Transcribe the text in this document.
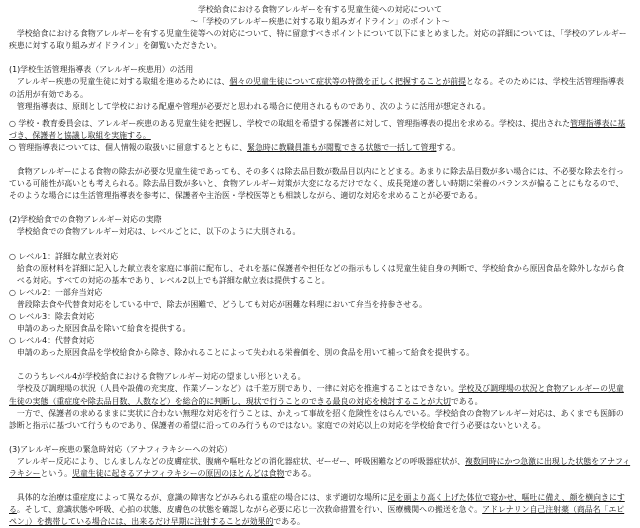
学校給食における食物アレルギーを有する児童生徒への対応について

～「学校のアレルギー疾患に対する取り組みガイドライン」のポイント～

学校給食における食物アレルギーを有する児童生徒等への対応について、特に留意すべきポイントについて以下にまとめました。対応の詳細については、「学校のアレルギー疾患に対する取り組みガイドライン」を御覧いただきたい。

(1)学校生活管理指導表（アレルギー疾患用）の活用

アレルギー疾患の児童生徒に対する取組を進めるためには、個々の児童生徒について症状等の特徴を正しく把握することが前提となる。そのためには、学校生活管理指導表の活用が有効である。

管理指導表は、原則として学校における配慮や管理が必要だと思われる場合に使用されるものであり、次のように活用が想定される。

○ 学校・教育委員会は、アレルギー疾患のある児童生徒を把握し、学校での取組を希望する保護者に対して、管理指導表の提出を求める。学校は、提出された管理指導表に基づき、保護者と協議し取組を実施する。

○ 管理指導表については、個人情報の取扱いに留意するとともに、緊急時に教職員誰もが閲覧できる状態で一括して管理する。

食物アレルギーによる食物の除去が必要な児童生徒であっても、その多くは除去品目数が数品目以内にとどまる。あまりに除去品目数が多い場合には、不必要な除去を行っている可能性が高いとも考えられる。除去品目数が多いと、食物アレルギー対策が大変になるだけでなく、成長発達の著しい時期に栄養のバランスが偏ることにもなるので、そのような場合には生活管理指導表を参考に、保護者や主治医・学校医等とも相談しながら、適切な対応を求めることが必要である。

(2)学校給食での食物アレルギー対応の実際

学校給食での食物アレルギー対応は、レベルごとに、以下のように大別される。

○ レベル1：詳細な献立表対応

給食の原材料を詳細に記入した献立表を家庭に事前に配布し、それを基に保護者や担任などの指示もしくは児童生徒自身の判断で、学校給食から原因食品を除外しながら食べる対応。すべての対応の基本であり、レベル2以上でも詳細な献立表は提供すること。

○ レベル2：一部弁当対応

普段除去食や代替食対応をしている中で、除去が困難で、どうしても対応が困難な料理において弁当を持参させる。

○ レベル3：除去食対応

申請のあった原因食品を除いて給食を提供する。

○ レベル4：代替食対応

申請のあった原因食品を学校給食から除き、除かれることによって失われる栄養価を、別の食品を用いて補って給食を提供する。

このうちレベル4が学校給食における食物アレルギー対応の望ましい形といえる。

学校及び調理場の状況（人員や設備の充実度、作業ゾーンなど）は千差万別であり、一律に対応を推進することはできない。学校及び調理場の状況と食物アレルギーの児童生徒の実態（重症度や除去品目数、人数など）を総合的に判断し、現状で行うことのできる最良の対応を検討することが大切である。

一方で、保護者の求めるままに実状に合わない無理な対応を行うことは、かえって事故を招く危険性をはらんでいる。学校給食の食物アレルギー対応は、あくまでも医師の診断と指示に基づいて行うものであり、保護者の希望に沿ってのみ行うものではない。家庭での対応以上の対応を学校給食で行う必要はないといえる。

(3)アレルギー疾患の緊急時対応（アナフィラキシーへの対応）

アレルギー反応により、じんましんなどの皮膚症状、腹痛や嘔吐などの消化器症状、ゼーゼー、呼吸困難などの呼吸器症状が、複数同時にかつ急激に出現した状態をアナフィラキシーという。児童生徒に起きるアナフィラキシーの原因のほとんどは食物である。

具体的な治療は重症度によって異なるが、意識の障害などがみられる重症の場合には、まず適切な場所に足を頭より高く上げた体位で寝かせ、嘔吐に備え、顔を横向きにする。そして、意識状態や呼吸、心拍の状態、皮膚色の状態を確認しながら必要に応じ一次救命措置を行い、医療機関への搬送を急ぐ。アドレナリン自己注射薬（商品名「エピペン」）を携帯している場合には、出来るだけ早期に注射することが効果的である。
